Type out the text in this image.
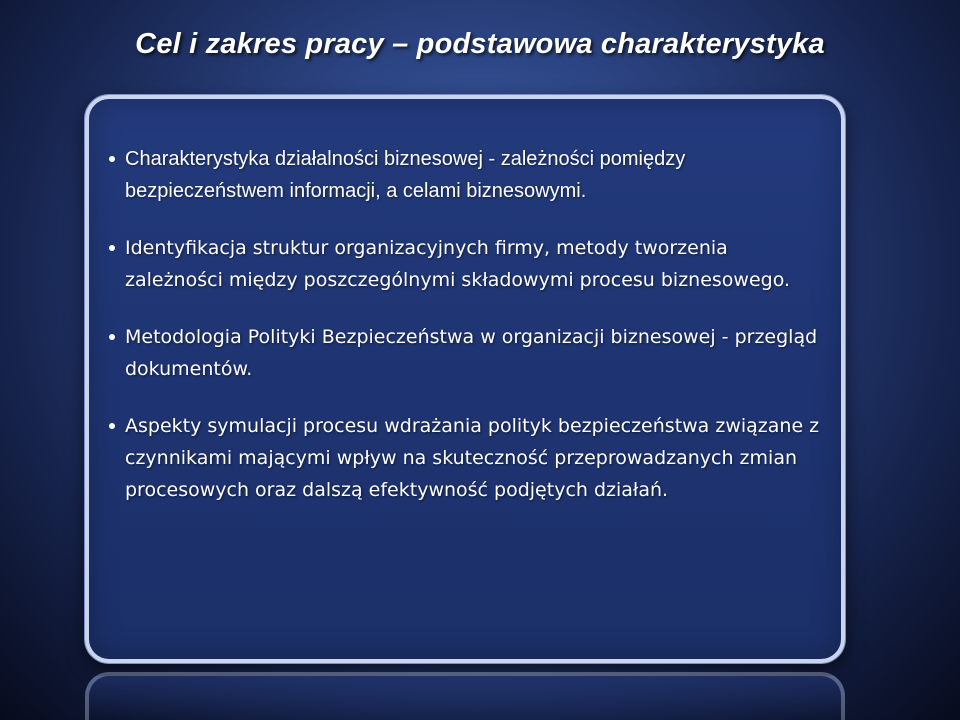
Cel i zakres pracy – podstawowa charakterystyka
Charakterystyka działalności biznesowej - zależności pomiędzy bezpieczeństwem informacji, a celami biznesowymi.
Identyfikacja struktur organizacyjnych firmy, metody tworzenia zależności między poszczególnymi składowymi procesu biznesowego.
Metodologia Polityki Bezpieczeństwa w organizacji biznesowej - przegląd dokumentów.
Aspekty symulacji procesu wdrażania polityk bezpieczeństwa związane z czynnikami mającymi wpływ na skuteczność przeprowadzanych zmian procesowych oraz dalszą efektywność podjętych działań.
